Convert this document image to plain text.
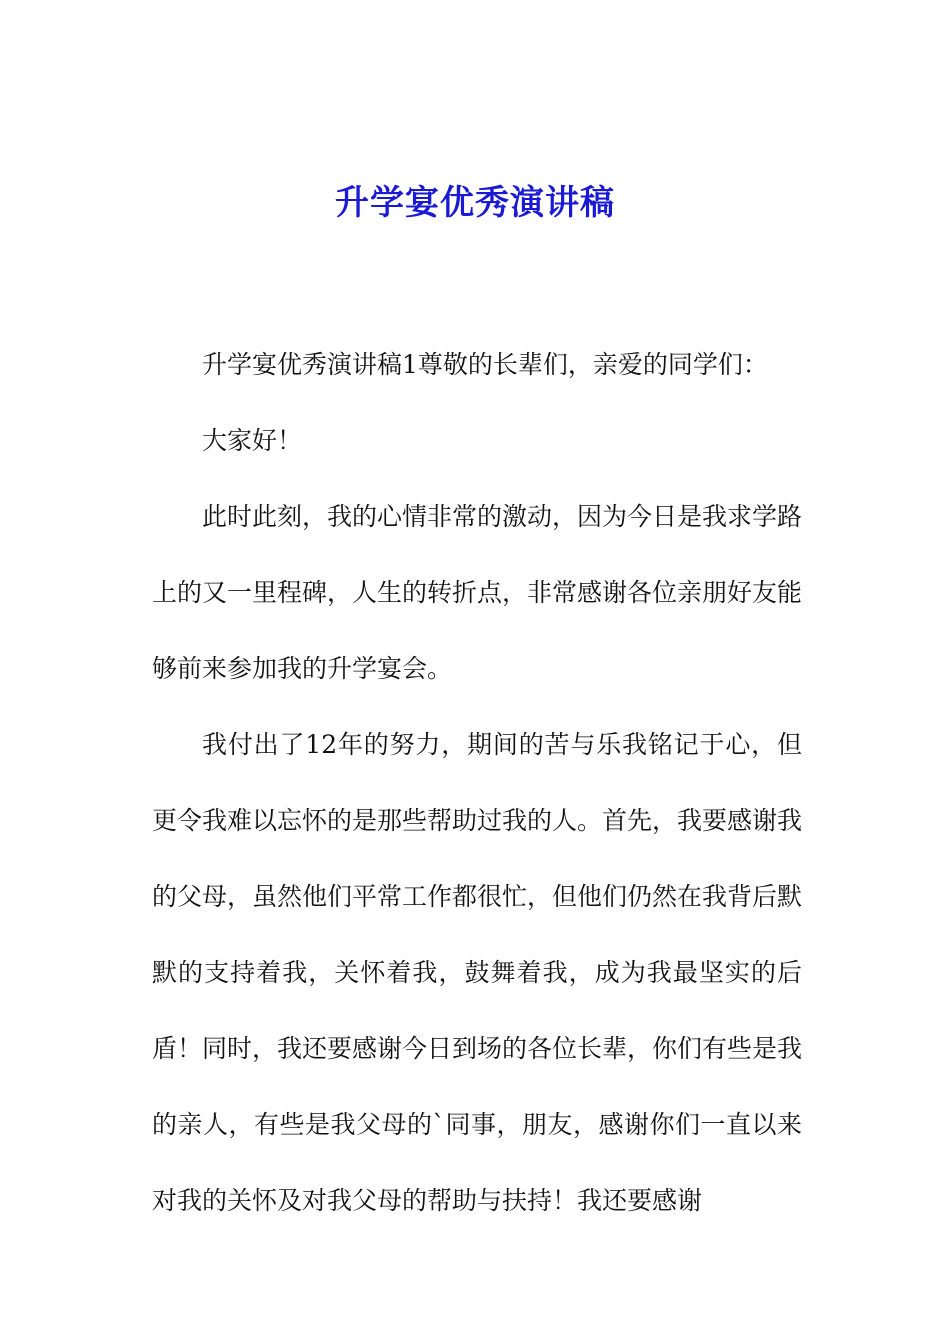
升学宴优秀演讲稿

升学宴优秀演讲稿1尊敬的长辈们，亲爱的同学们：

大家好！

此时此刻，我的心情非常的激动，因为今日是我求学路上的又一里程碑，人生的转折点，非常感谢各位亲朋好友能够前来参加我的升学宴会。

我付出了12年的努力，期间的苦与乐我铭记于心，但更令我难以忘怀的是那些帮助过我的人。首先，我要感谢我的父母，虽然他们平常工作都很忙，但他们仍然在我背后默默的支持着我，关怀着我，鼓舞着我，成为我最坚实的后盾！同时，我还要感谢今日到场的各位长辈，你们有些是我的亲人，有些是我父母的`同事，朋友，感谢你们一直以来对我的关怀及对我父母的帮助与扶持！我还要感谢
